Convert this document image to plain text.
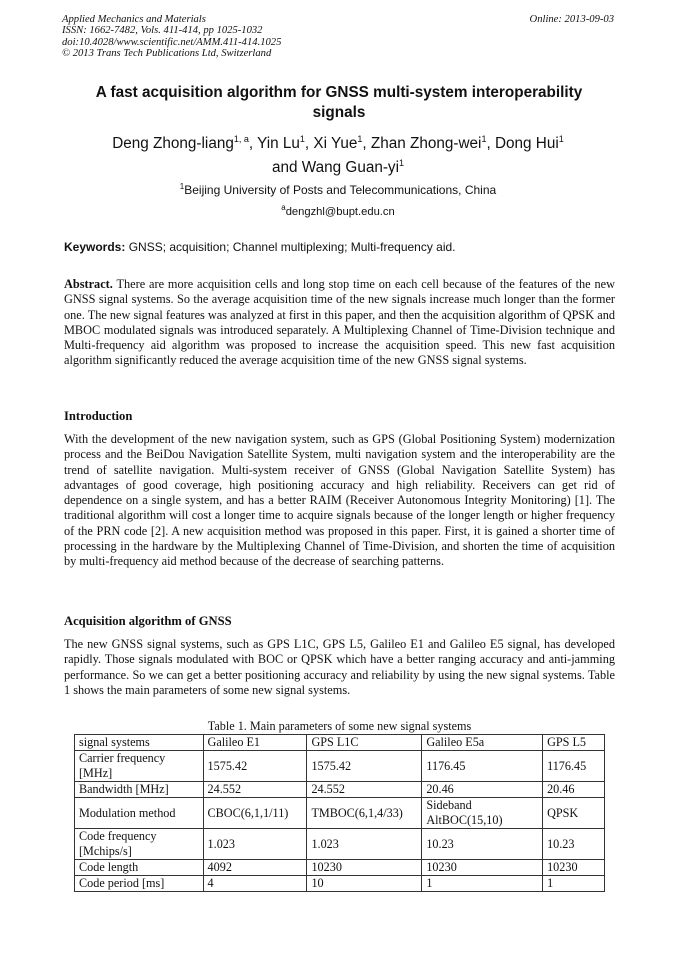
Applied Mechanics and Materials
ISSN: 1662-7482, Vols. 411-414, pp 1025-1032
doi:10.4028/www.scientific.net/AMM.411-414.1025
© 2013 Trans Tech Publications Ltd, Switzerland
Online: 2013-09-03
A fast acquisition algorithm for GNSS multi-system interoperability signals
Deng Zhong-liang$^{1, a}$, Yin Lu$^1$, Xi Yue$^1$, Zhan Zhong-wei$^1$, Dong Hui$^1$
and Wang Guan-$yi^1$
$^1$Beijing University of Posts and Telecommunications, China
$^a$dengzhl@bupt.edu.cn
Keywords: GNSS; acquisition; Channel multiplexing; Multi-frequency aid.
Abstract. There are more acquisition cells and long stop time on each cell because of the features of the new GNSS signal systems. So the average acquisition time of the new signals increase much longer than the former one. The new signal features was analyzed at first in this paper, and then the acquisition algorithm of QPSK and MBOC modulated signals was introduced separately. A Multiplexing Channel of Time-Division technique and Multi-frequency aid algorithm was proposed to increase the acquisition speed. This new fast acquisition algorithm significantly reduced the average acquisition time of the new GNSS signal systems.
Introduction
With the development of the new navigation system, such as GPS (Global Positioning System) modernization process and the BeiDou Navigation Satellite System, multi navigation system and the interoperability are the trend of satellite navigation. Multi-system receiver of GNSS (Global Navigation Satellite System) has advantages of good coverage, high positioning accuracy and high reliability. Receivers can get rid of dependence on a single system, and has a better RAIM (Receiver Autonomous Integrity Monitoring) [1]. The traditional algorithm will cost a longer time to acquire signals because of the longer length or higher frequency of the PRN code [2]. A new acquisition method was proposed in this paper. First, it is gained a shorter time of processing in the hardware by the Multiplexing Channel of Time-Division, and shorten the time of acquisition by multi-frequency aid method because of the decrease of searching patterns.
Acquisition algorithm of GNSS
The new GNSS signal systems, such as GPS L1C, GPS L5, Galileo E1 and Galileo E5 signal, has developed rapidly. Those signals modulated with BOC or QPSK which have a better ranging accuracy and anti-jamming performance. So we can get a better positioning accuracy and reliability by using the new signal systems. Table 1 shows the main parameters of some new signal systems.
Table 1. Main parameters of some new signal systems
signal systems	Galileo E1	GPS L1C	Galileo E5a	GPS L5
Carrier frequency [MHz]	1575.42	1575.42	1176.45	1176.45
Bandwidth [MHz]	24.552	24.552	20.46	20.46
Modulation method	CBOC(6,1,1/11)	TMBOC(6,1,4/33)	Sideband AltBOC(15,10)	QPSK
Code frequency [Mchips/s]	1.023	1.023	10.23	10.23
Code length	4092	10230	10230	10230
Code period [ms]	4	10	1	1
